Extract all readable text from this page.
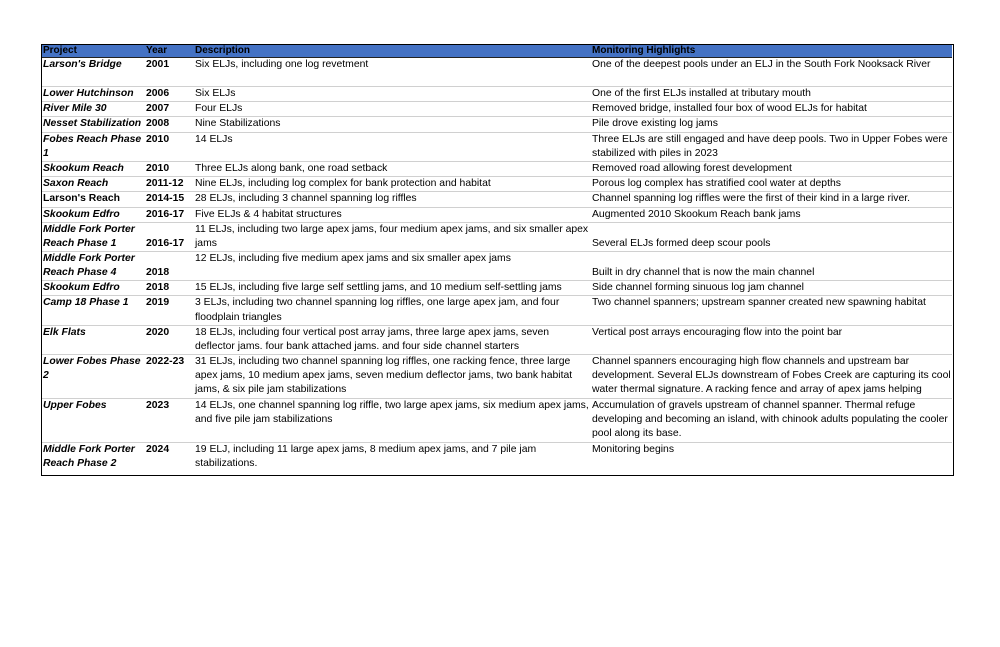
Project	Year	Description	Monitoring Highlights
Larson's Bridge	2001	Six ELJs, including one log revetment	One of the deepest pools under an ELJ in the South Fork Nooksack River
Lower Hutchinson	2006	Six ELJs	One of the first ELJs installed at tributary mouth
River Mile 30	2007	Four ELJs	Removed bridge, installed four box of wood ELJs for habitat
Nesset Stabilization	2008	Nine Stabilizations	Pile drove existing log jams
Fobes Reach Phase 1	2010	14 ELJs	Three ELJs are still engaged and have deep pools. Two in Upper Fobes were stabilized with piles in 2023
Skookum Reach	2010	Three ELJs along bank, one road setback	Removed road allowing forest development
Saxon Reach	2011-12	Nine ELJs, including log complex for bank protection and habitat	Porous log complex has stratified cool water at depths
Larson's Reach	2014-15	28 ELJs, including 3 channel spanning log riffles	Channel spanning log riffles were the first of their kind in a large river.
Skookum Edfro	2016-17	Five ELJs & 4 habitat structures	Augmented 2010 Skookum Reach bank jams

Middle Fork Porter Reach Phase 1	2016-17	11 ELJs, including two large apex jams, four medium apex jams, and six smaller apex jams	Several ELJs formed deep scour pools

Middle Fork Porter Reach Phase 4	2018	12 ELJs, including five medium apex jams and six smaller apex jams	Built in dry channel that is now the main channel
Skookum Edfro	2018	15 ELJs, including five large self settling jams, and 10 medium self-settling jams	Side channel forming sinuous log jam channel
Camp 18 Phase 1	2019	3 ELJs, including two channel spanning log riffles, one large apex jam, and four floodplain triangles	Two channel spanners; upstream spanner created new spawning habitat
Elk Flats	2020	18 ELJs, including four vertical post array jams, three large apex jams, seven deflector jams. four bank attached jams. and four side channel starters	Vertical post arrays encouraging flow into the point bar
Lower Fobes Phase 2	2022-23	31 ELJs, including two channel spanning log riffles, one racking fence, three large apex jams, 10 medium apex jams, seven medium deflector jams, two bank habitat jams, & six pile jam stabilizations	Channel spanners encouraging high flow channels and upstream bar development. Several ELJs downstream of Fobes Creek are capturing its cool water thermal signature. A racking fence and array of apex jams helping

Upper Fobes	2023	14 ELJs, one channel spanning log riffle, two large apex jams, six medium apex jams, and five pile jam stabilizations	Accumulation of gravels upstream of channel spanner. Thermal refuge developing and becoming an island, with chinook adults populating the cooler pool along its base.
Middle Fork Porter Reach Phase 2	2024	19 ELJ, including 11 large apex jams, 8 medium apex jams, and 7 pile jam stabilizations.	Monitoring begins
